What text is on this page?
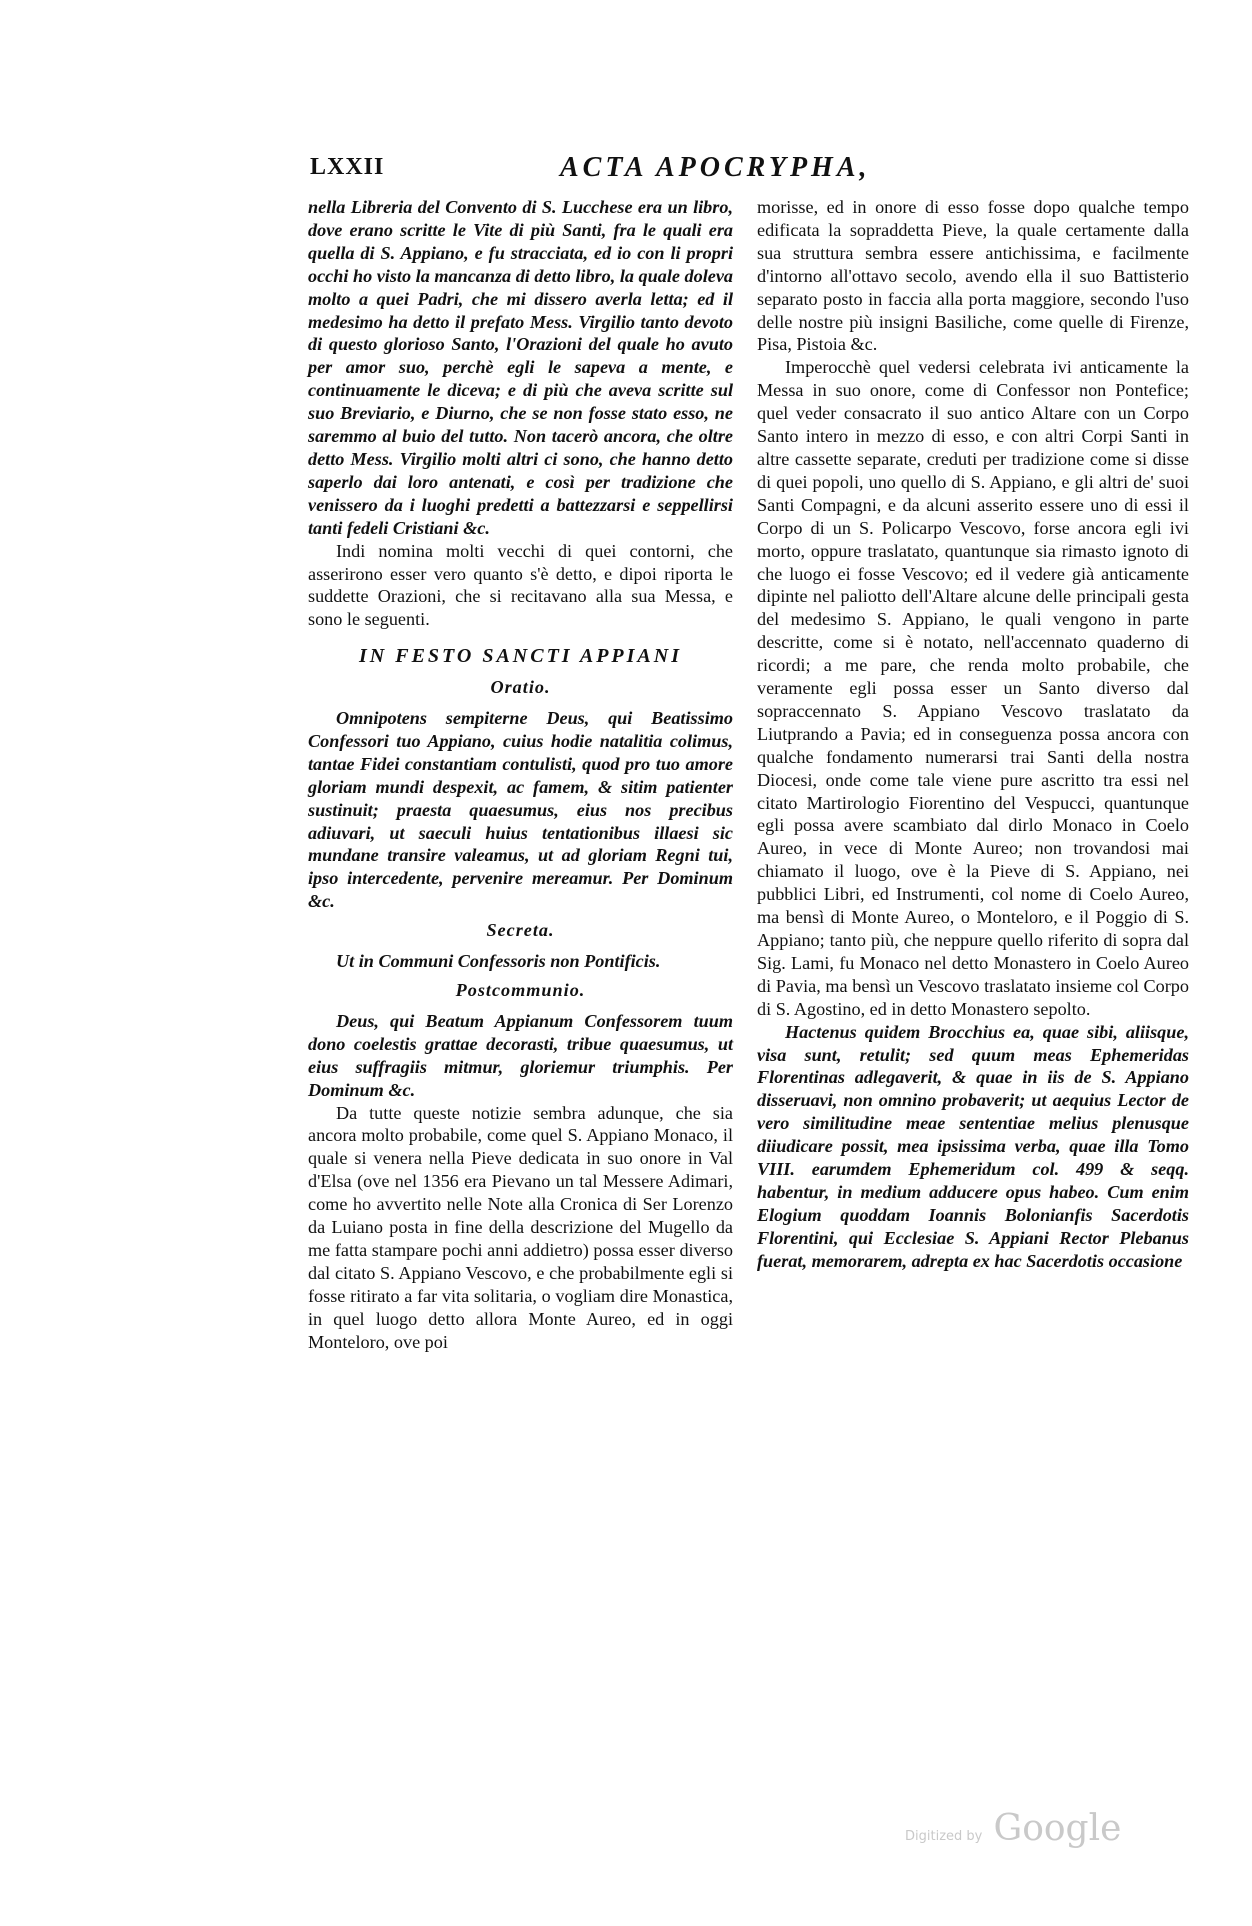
LXXII	ACTA APOCRYPHA,

nella Libreria del Convento di S. Lucchese era un libro, dove erano scritte le Vite di più Santi, fra le quali era quella di S. Appiano, e fu stracciata, ed io con li propri occhi ho visto la mancanza di detto libro, la quale doleva molto a quei Padri, che mi dissero averla letta; ed il medesimo ha detto il prefato Mess. Virgilio tanto devoto di questo glorioso Santo, l'Orazioni del quale ho avuto per amor suo, perchè egli le sapeva a mente, e continuamente le diceva; e di più che aveva scritte sul suo Breviario, e Diurno, che se non fosse stato esso, ne saremmo al buio del tutto. Non tacerò ancora, che oltre detto Mess. Virgilio molti altri ci sono, che hanno detto saperlo dai loro antenati, e così per tradizione che venissero da i luoghi predetti a battezzarsi e seppellirsi tanti fedeli Cristiani &c.

Indi nomina molti vecchi di quei contorni, che asserirono esser vero quanto s'è detto, e dipoi riporta le suddette Orazioni, che si recitavano alla sua Messa, e sono le seguenti.

IN FESTO SANCTI APPIANI
Oratio.

Omnipotens sempiterne Deus, qui Beatissimo Confessori tuo Appiano, cuius hodie natalitia colimus, tantae Fidei constantiam contulisti, quod pro tuo amore gloriam mundi despexit, ac famem, & sitim patienter sustinuit; praesta quaesumus, eius nos precibus adiuvari, ut saeculi huius tentationibus illaesi sic mundane transire valeamus, ut ad gloriam Regni tui, ipso intercedente, pervenire mereamur. Per Dominum &c.

Secreta.

Ut in Communi Confessoris non Pontificis.

Postcommunio.

Deus, qui Beatum Appianum Confessorem tuum dono coelestis grattae decorasti, tribue quaesumus, ut eius suffragiis mitmur, gloriemur triumphis. Per Dominum &c.

Da tutte queste notizie sembra adunque, che sia ancora molto probabile, come quel S. Appiano Monaco, il quale si venera nella Pieve dedicata in suo onore in Val d'Elsa (ove nel 1356 era Pievano un tal Messere Adimari, come ho avvertito nelle Note alla Cronica di Ser Lorenzo da Luiano posta in fine della descrizione del Mugello da me fatta stampare pochi anni addietro) possa esser diverso dal citato S. Appiano Vescovo, e che probabilmente egli si fosse ritirato a far vita solitaria, o vogliam dire Monastica, in quel luogo detto allora Monte Aureo, ed in oggi Monteloro, ove poi

morisse, ed in onore di esso fosse dopo qualche tempo edificata la sopraddetta Pieve, la quale certamente dalla sua struttura sembra essere antichissima, e facilmente d'intorno all'ottavo secolo, avendo ella il suo Battisterio separato posto in faccia alla porta maggiore, secondo l'uso delle nostre più insigni Basiliche, come quelle di Firenze, Pisa, Pistoia &c.

Imperocchè quel vedersi celebrata ivi anticamente la Messa in suo onore, come di Confessor non Pontefice; quel veder consacrato il suo antico Altare con un Corpo Santo intero in mezzo di esso, e con altri Corpi Santi in altre cassette separate, creduti per tradizione come si disse di quei popoli, uno quello di S. Appiano, e gli altri de' suoi Santi Compagni, e da alcuni asserito essere uno di essi il Corpo di un S. Policarpo Vescovo, forse ancora egli ivi morto, oppure traslatato, quantunque sia rimasto ignoto di che luogo ei fosse Vescovo; ed il vedere già anticamente dipinte nel paliotto dell'Altare alcune delle principali gesta del medesimo S. Appiano, le quali vengono in parte descritte, come si è notato, nell'accennato quaderno di ricordi; a me pare, che renda molto probabile, che veramente egli possa esser un Santo diverso dal sopraccennato S. Appiano Vescovo traslatato da Liutprando a Pavia; ed in conseguenza possa ancora con qualche fondamento numerarsi trai Santi della nostra Diocesi, onde come tale viene pure ascritto tra essi nel citato Martirologio Fiorentino del Vespucci, quantunque egli possa avere scambiato dal dirlo Monaco in Coelo Aureo, in vece di Monte Aureo; non trovandosi mai chiamato il luogo, ove è la Pieve di S. Appiano, nei pubblici Libri, ed Instrumenti, col nome di Coelo Aureo, ma bensì di Monte Aureo, o Monteloro, e il Poggio di S. Appiano; tanto più, che neppure quello riferito di sopra dal Sig. Lami, fu Monaco nel detto Monastero in Coelo Aureo di Pavia, ma bensì un Vescovo traslatato insieme col Corpo di S. Agostino, ed in detto Monastero sepolto.

Hactenus quidem Brocchius ea, quae sibi, aliisque, visa sunt, retulit; sed quum meas Ephemeridas Florentinas adlegaverit, & quae in iis de S. Appiano disseruavi, non omnino probaverit; ut aequius Lector de vero similitudine meae sententiae melius plenusque diiudicare possit, mea ipsissima verba, quae illa Tomo VIII. earumdem Ephemeridum col. 499 & seqq. habentur, in medium adducere opus habeo. Cum enim Elogium quoddam Ioannis Bolonianfis Sacerdotis Florentini, qui Ecclesiae S. Appiani Rector Plebanus fuerat, memorarem, adrepta ex hac Sacerdotis occasione

Digitized by Google
